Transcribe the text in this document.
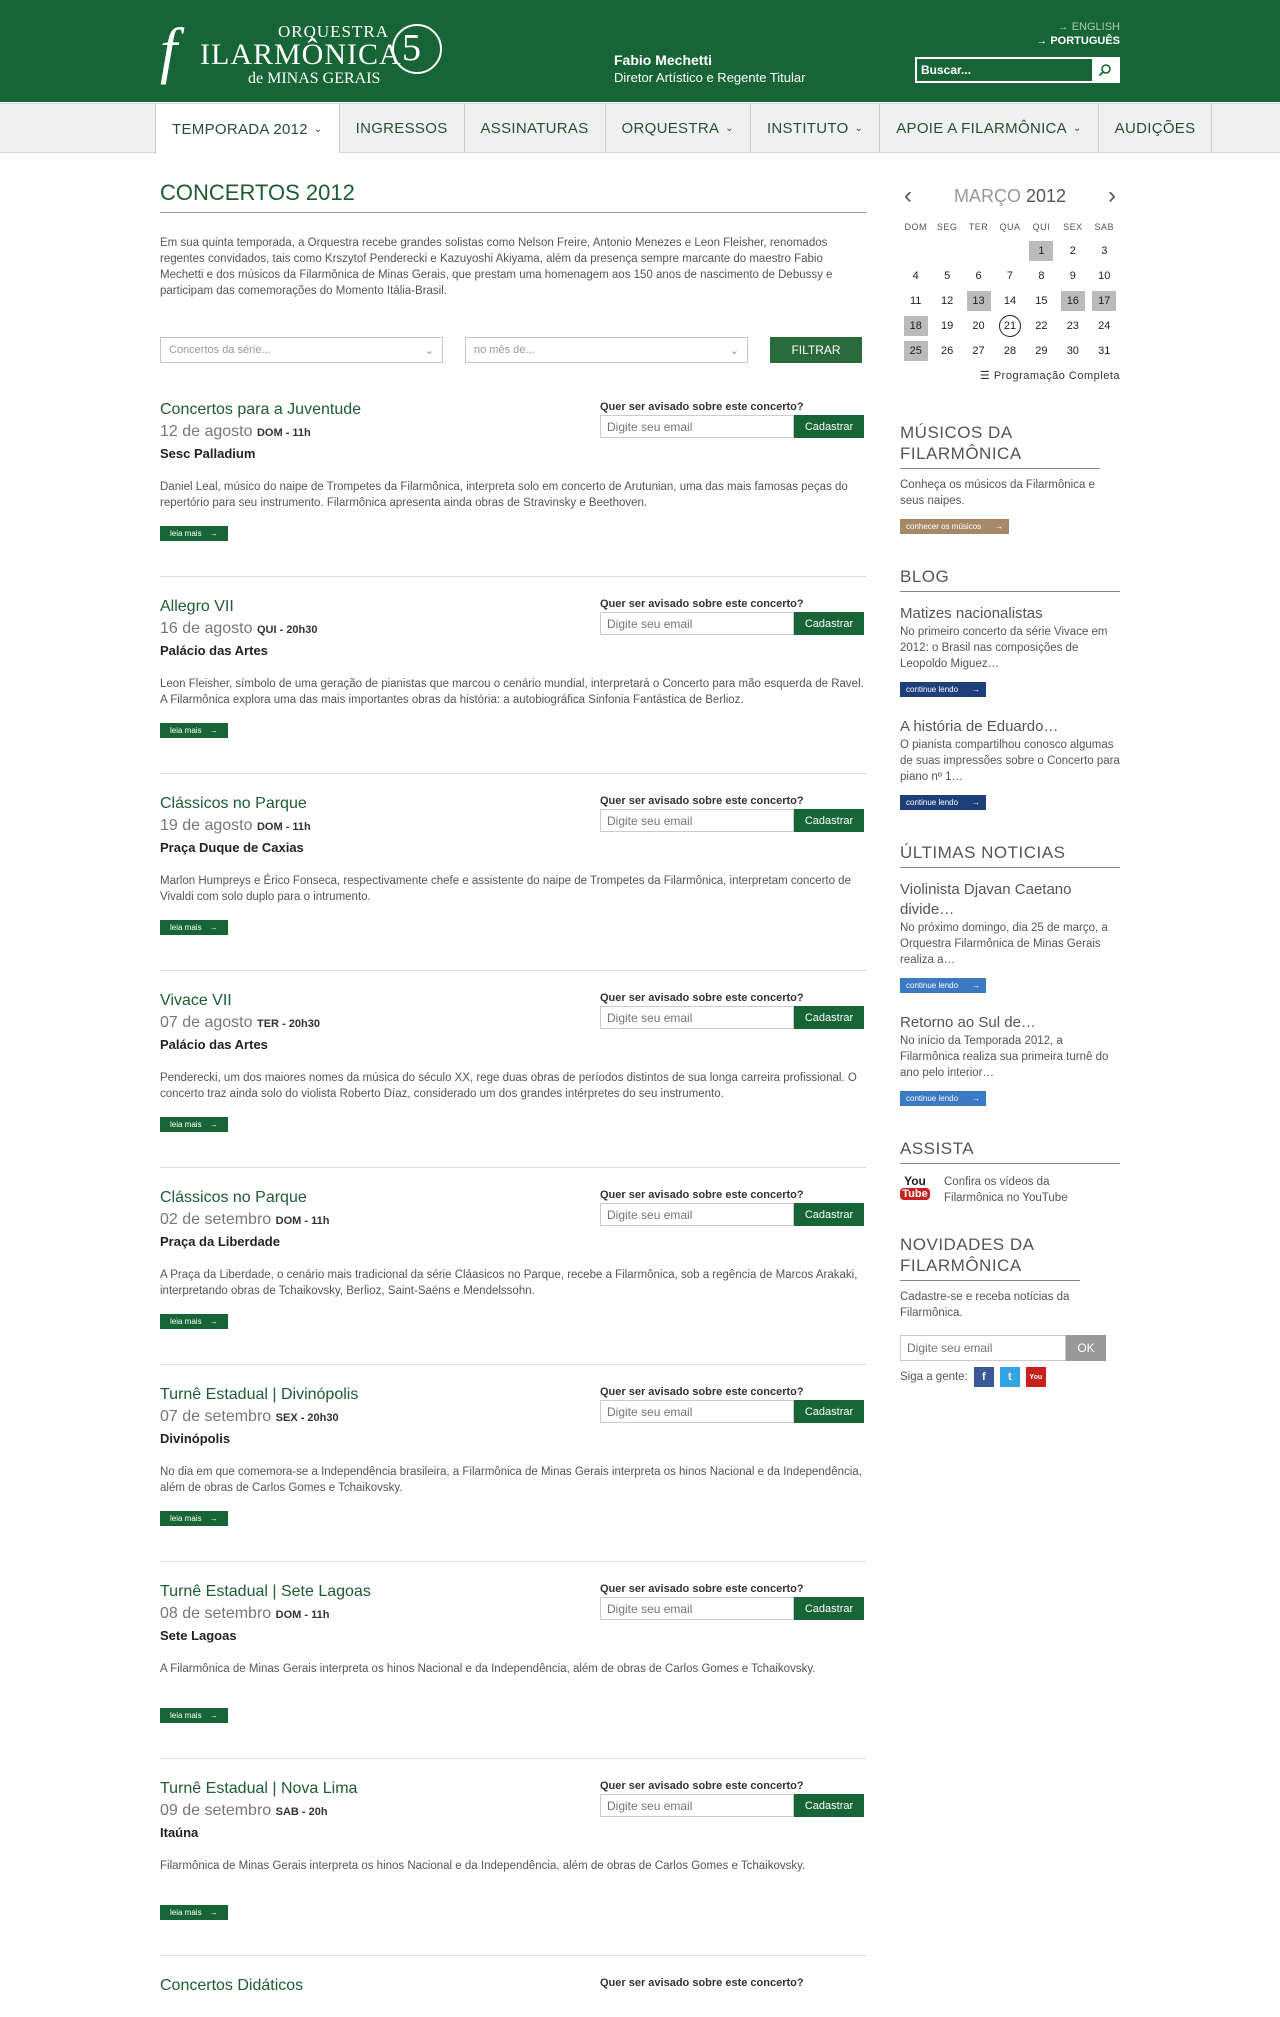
f	ORQUESTRA
ILARMÔNICA
de MINAS GERAIS
5	Fabio Mechetti
Diretor Artístico e Regente Titular
→ ENGLISH
→ PORTUGUÊS
Buscar...
TEMPORADA 2012 ⌄ INGRESSOS ASSINATURAS ORQUESTRA ⌄ INSTITUTO ⌄ APOIE A FILARMÔNICA ⌄ AUDIÇÕES
CONCERTOS 2012

Em sua quinta temporada, a Orquestra recebe grandes solistas como Nelson Freire, Antonio Menezes e Leon Fleisher, renomados regentes convidados, tais como Krszytof Penderecki e Kazuyoshi Akiyama, além da presença sempre marcante do maestro Fabio Mechetti e dos músicos da Filarmônica de Minas Gerais, que prestam uma homenagem aos 150 anos de nascimento de Debussy e participam das comemorações do Momento Itália-Brasil.

Concertos da série...	⌄	no mês de...	⌄	FILTRAR
Concertos para a Juventude
12 de agosto DOM - 11h
Sesc Palladium

Daniel Leal, músico do naipe de Trompetes da Filarmônica, interpreta solo em concerto de Arutunian, uma das mais famosas peças do repertório para seu instrumento. Filarmônica apresenta ainda obras de Stravinsky e Beethoven.

leia mais →
Quer ser avisado sobre este concerto?
Digite seu email
Cadastrar
Allegro VII
16 de agosto QUI - 20h30
Palácio das Artes

Leon Fleisher, símbolo de uma geração de pianistas que marcou o cenário mundial, interpretará o Concerto para mão esquerda de Ravel. A Filarmônica explora uma das mais importantes obras da história: a autobiográfica Sinfonia Fantástica de Berlioz.

leia mais →
Quer ser avisado sobre este concerto?
Digite seu email
Cadastrar
Clássicos no Parque
19 de agosto DOM - 11h
Praça Duque de Caxias

Marlon Humpreys e Érico Fonseca, respectivamente chefe e assistente do naipe de Trompetes da Filarmônica, interpretam concerto de Vivaldi com solo duplo para o intrumento.

leia mais →
Quer ser avisado sobre este concerto?
Digite seu email
Cadastrar
Vivace VII
07 de agosto TER - 20h30
Palácio das Artes

Penderecki, um dos maiores nomes da música do século XX, rege duas obras de períodos distintos de sua longa carreira profissional. O concerto traz ainda solo do violista Roberto Díaz, considerado um dos grandes intérpretes do seu instrumento.

leia mais →
Quer ser avisado sobre este concerto?
Digite seu email
Cadastrar
Clássicos no Parque
02 de setembro DOM - 11h
Praça da Liberdade

A Praça da Liberdade, o cenário mais tradicional da série Cláasicos no Parque, recebe a Filarmônica, sob a regência de Marcos Arakaki, interpretando obras de Tchaikovsky, Berlioz, Saint-Saëns e Mendelssohn.

leia mais →
Quer ser avisado sobre este concerto?
Digite seu email
Cadastrar
Turnê Estadual | Divinópolis
07 de setembro SEX - 20h30
Divinópolis

No dia em que comemora-se a Independência brasileira, a Filarmônica de Minas Gerais interpreta os hinos Nacional e da Independência, além de obras de Carlos Gomes e Tchaikovsky.

leia mais →
Quer ser avisado sobre este concerto?
Digite seu email
Cadastrar
Turnê Estadual | Sete Lagoas
08 de setembro DOM - 11h
Sete Lagoas

A Filarmônica de Minas Gerais interpreta os hinos Nacional e da Independência, além de obras de Carlos Gomes e Tchaikovsky.

leia mais →
Quer ser avisado sobre este concerto?
Digite seu email
Cadastrar
Turnê Estadual | Nova Lima
09 de setembro SAB - 20h
Itaúna

Filarmônica de Minas Gerais interpreta os hinos Nacional e da Independência, além de obras de Carlos Gomes e Tchaikovsky.

leia mais →
Quer ser avisado sobre este concerto?
Digite seu email
Cadastrar
Concertos Didáticos	Quer ser avisado sobre este concerto?
‹ MARÇO 2012 ›
DOM	SEG	TER	QUA	QUI	SEX	SAB
				1	2	3
4	5	6	7	8	9	10
11	12	13	14	15	16	17
18	19	20	21	22	23	24
25	26	27	28	29	30	31
☰ Programação Completa
MÚSICOS DA FILARMÔNICA

Conheça os músicos da Filarmônica e seus naipes.

conhecer os músicos →
BLOG
Matizes nacionalistas

No primeiro concerto da série Vivace em 2012: o Brasil nas composições de Leopoldo Miguez…

continue lendo →
A história de Eduardo…

O pianista compartilhou conosco algumas de suas impressões sobre o Concerto para piano nº 1…

continue lendo →
ÚLTIMAS NOTICIAS
Violinista Djavan Caetano divide…

No próximo domingo, dia 25 de março, a Orquestra Filarmônica de Minas Gerais realiza a…

continue lendo →
Retorno ao Sul de…

No início da Temporada 2012, a Filarmônica realiza sua primeira turnê do ano pelo interior…

continue lendo →
ASSISTA
You
Tube

Confira os vídeos da Filarmônica no YouTube

NOVIDADES DA FILARMÔNICA

Cadastre-se e receba notícias da Filarmônica.

Digite seu email
OK
Siga a gente:	f	t	You
